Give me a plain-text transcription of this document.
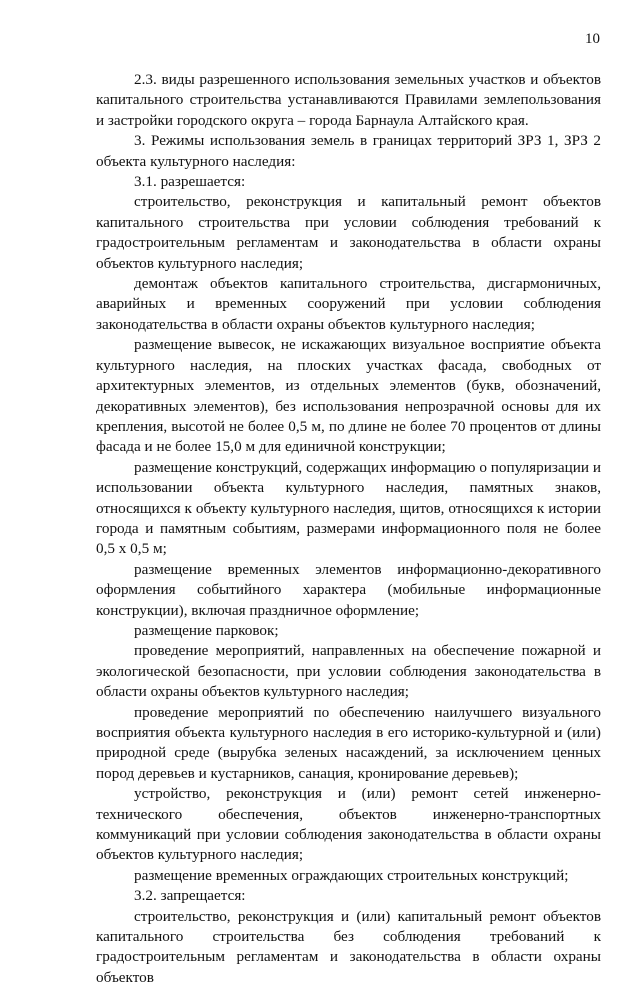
10

2.3. виды разрешенного использования земельных участков и объектов капитального строительства устанавливаются Правилами землепользования и застройки городского округа – города Барнаула Алтайского края.

3. Режимы использования земель в границах территорий ЗРЗ 1, ЗРЗ 2 объекта культурного наследия:

3.1. разрешается:

строительство, реконструкция и капитальный ремонт объектов капитального строительства при условии соблюдения требований к градостроительным регламентам и законодательства в области охраны объектов культурного наследия;

демонтаж объектов капитального строительства, дисгармоничных, аварийных и временных сооружений при условии соблюдения законодательства в области охраны объектов культурного наследия;

размещение вывесок, не искажающих визуальное восприятие объекта культурного наследия, на плоских участках фасада, свободных от архитектурных элементов, из отдельных элементов (букв, обозначений, декоративных элементов), без использования непрозрачной основы для их крепления, высотой не более 0,5 м, по длине не более 70 процентов от длины фасада и не более 15,0 м для единичной конструкции;

размещение конструкций, содержащих информацию о популяризации и использовании объекта культурного наследия, памятных знаков, относящихся к объекту культурного наследия, щитов, относящихся к истории города и памятным событиям, размерами информационного поля не более 0,5 х 0,5 м;

размещение временных элементов информационно-декоративного оформления событийного характера (мобильные информационные конструкции), включая праздничное оформление;

размещение парковок;

проведение мероприятий, направленных на обеспечение пожарной и экологической безопасности, при условии соблюдения законодательства в области охраны объектов культурного наследия;

проведение мероприятий по обеспечению наилучшего визуального восприятия объекта культурного наследия в его историко-культурной и (или) природной среде (вырубка зеленых насаждений, за исключением ценных пород деревьев и кустарников, санация, кронирование деревьев);

устройство, реконструкция и (или) ремонт сетей инженерно-технического обеспечения, объектов инженерно-транспортных коммуникаций при условии соблюдения законодательства в области охраны объектов культурного наследия;

размещение временных ограждающих строительных конструкций;

3.2. запрещается:

строительство, реконструкция и (или) капитальный ремонт объектов капитального строительства без соблюдения требований к градостроительным регламентам и законодательства в области охраны объектов
